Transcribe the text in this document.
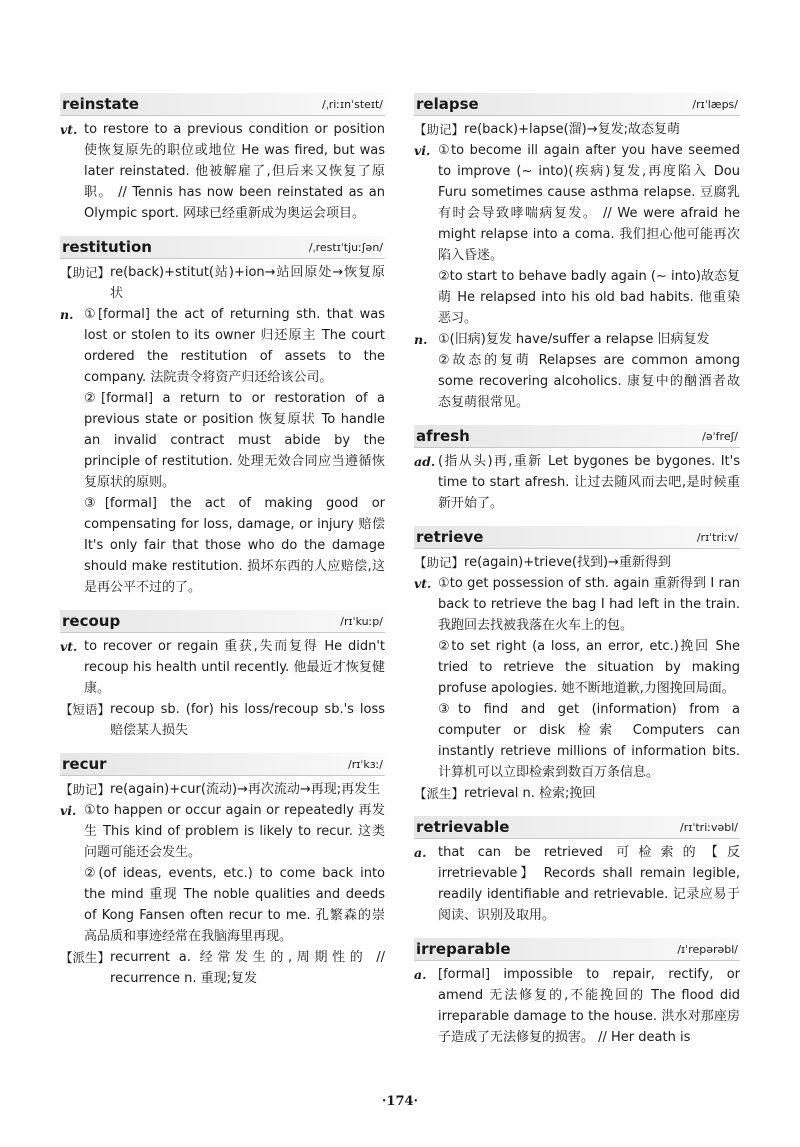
reinstate	/ˌriːɪnˈsteɪt/
vt. to restore to a previous condition or position 使恢复原先的职位或地位 He was fired, but was later reinstated. 他被解雇了,但后来又恢复了原职。 // Tennis has now been reinstated as an Olympic sport. 网球已经重新成为奥运会项目。
restitution	/ˌrestɪˈtjuːʃən/
【助记】 re(back)+stitut(站)+ion→站回原处→恢复原状
n. ①[formal] the act of returning sth. that was lost or stolen to its owner 归还原主 The court ordered the restitution of assets to the company. 法院责令将资产归还给该公司。
②[formal] a return to or restoration of a previous state or position 恢复原状 To handle an invalid contract must abide by the principle of restitution. 处理无效合同应当遵循恢复原状的原则。
③[formal] the act of making good or compensating for loss, damage, or injury 赔偿 It's only fair that those who do the damage should make restitution. 损坏东西的人应赔偿,这是再公平不过的了。
recoup	/rɪˈkuːp/
vt. to recover or regain 重获,失而复得 He didn't recoup his health until recently. 他最近才恢复健康。
【短语】 recoup sb. (for) his loss/recoup sb.'s loss 赔偿某人损失
recur	/rɪˈkɜː/
【助记】 re(again)+cur(流动)→再次流动→再现;再发生
vi. ①to happen or occur again or repeatedly 再发生 This kind of problem is likely to recur. 这类问题可能还会发生。
②(of ideas, events, etc.) to come back into the mind 重现 The noble qualities and deeds of Kong Fansen often recur to me. 孔繁森的崇高品质和事迹经常在我脑海里再现。
【派生】 recurrent a. 经常发生的,周期性的 // recurrence n. 重现;复发
relapse	/rɪˈlæps/
【助记】 re(back)+lapse(溜)→复发;故态复萌
vi. ①to become ill again after you have seemed to improve (~ into)(疾病)复发,再度陷入 Dou Furu sometimes cause asthma relapse. 豆腐乳有时会导致哮喘病复发。 // We were afraid he might relapse into a coma. 我们担心他可能再次陷入昏迷。
②to start to behave badly again (~ into)故态复萌 He relapsed into his old bad habits. 他重染恶习。
n. ①(旧病)复发 have/suffer a relapse 旧病复发
②故态的复萌 Relapses are common among some recovering alcoholics. 康复中的酗酒者故态复萌很常见。
afresh	/əˈfreʃ/
ad. (指从头)再,重新 Let bygones be bygones. It's time to start afresh. 让过去随风而去吧,是时候重新开始了。
retrieve	/rɪˈtriːv/
【助记】 re(again)+trieve(找到)→重新得到
vt. ①to get possession of sth. again 重新得到 I ran back to retrieve the bag I had left in the train. 我跑回去找被我落在火车上的包。
②to set right (a loss, an error, etc.)挽回 She tried to retrieve the situation by making profuse apologies. 她不断地道歉,力图挽回局面。
③to find and get (information) from a computer or disk 检索 Computers can instantly retrieve millions of information bits. 计算机可以立即检索到数百万条信息。
【派生】 retrieval n. 检索;挽回
retrievable	/rɪˈtriːvəbl/
a. that can be retrieved 可检索的【反 irretrievable】 Records shall remain legible, readily identifiable and retrievable. 记录应易于阅读、识别及取用。
irreparable	/ɪˈrepərəbl/
a. [formal] impossible to repair, rectify, or amend 无法修复的,不能挽回的 The flood did irreparable damage to the house. 洪水对那座房子造成了无法修复的损害。 // Her death is
·174·
